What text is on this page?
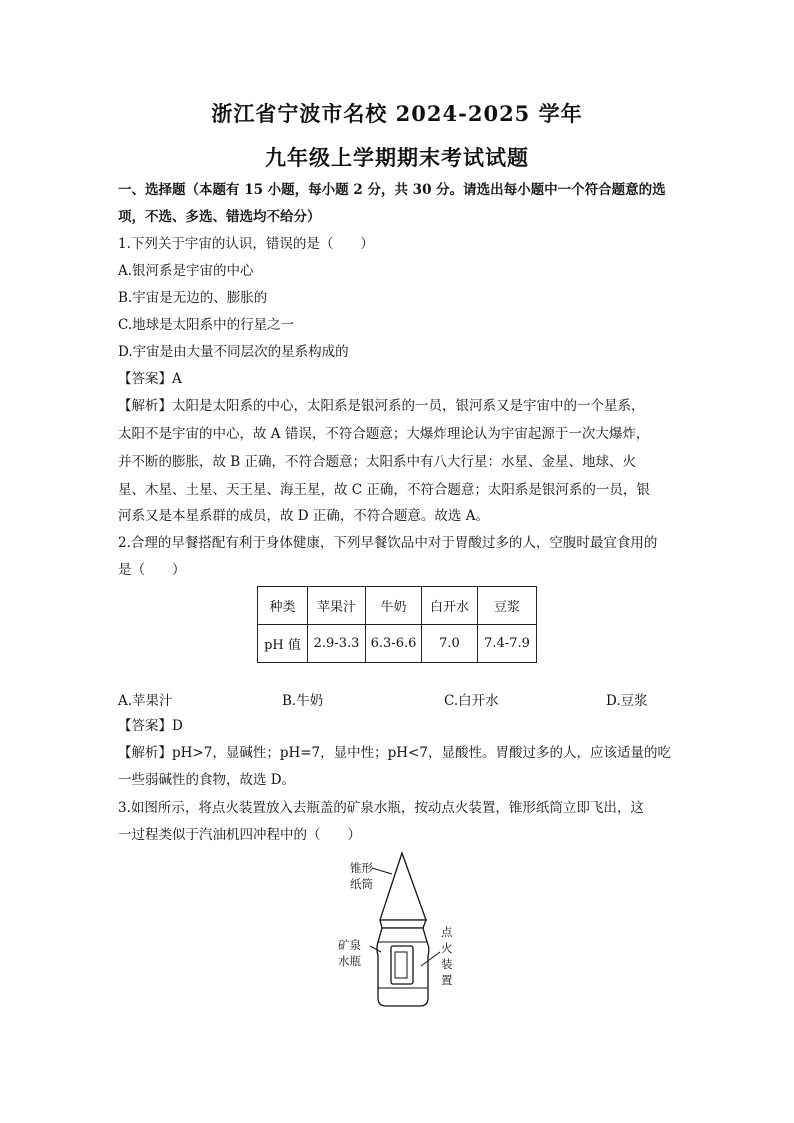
浙江省宁波市名校 2024-2025 学年
九年级上学期期末考试试题
一、选择题（本题有 15 小题，每小题 2 分，共 30 分。请选出每小题中一个符合题意的选
项，不选、多选、错选均不给分）
1.下列关于宇宙的认识，错误的是（　　）
A.银河系是宇宙的中心
B.宇宙是无边的、膨胀的
C.地球是太阳系中的行星之一
D.宇宙是由大量不同层次的星系构成的
【答案】A
【解析】太阳是太阳系的中心，太阳系是银河系的一员，银河系又是宇宙中的一个星系，
太阳不是宇宙的中心，故 A 错误，不符合题意；大爆炸理论认为宇宙起源于一次大爆炸，
并不断的膨胀，故 B 正确，不符合题意；太阳系中有八大行星：水星、金星、地球、火
星、木星、土星、天王星、海王星，故 C 正确，不符合题意；太阳系是银河系的一员，银
河系又是本星系群的成员，故 D 正确，不符合题意。故选 A。
2.合理的早餐搭配有利于身体健康，下列早餐饮品中对于胃酸过多的人，空腹时最宜食用的
是（　　）
种类	苹果汁	牛奶	白开水	豆浆
pH 值	2.9-3.3	6.3-6.6	7.0	7.4-7.9
A.苹果汁	B.牛奶	C.白开水	D.豆浆
【答案】D
【解析】pH>7，显碱性；pH=7，显中性；pH<7，显酸性。胃酸过多的人，应该适量的吃
一些弱碱性的食物，故选 D。
3.如图所示，将点火装置放入去瓶盖的矿泉水瓶，按动点火装置，锥形纸筒立即飞出，这
一过程类似于汽油机四冲程中的（　　）
锥形
纸筒
矿泉
水瓶
点
火
装
置
